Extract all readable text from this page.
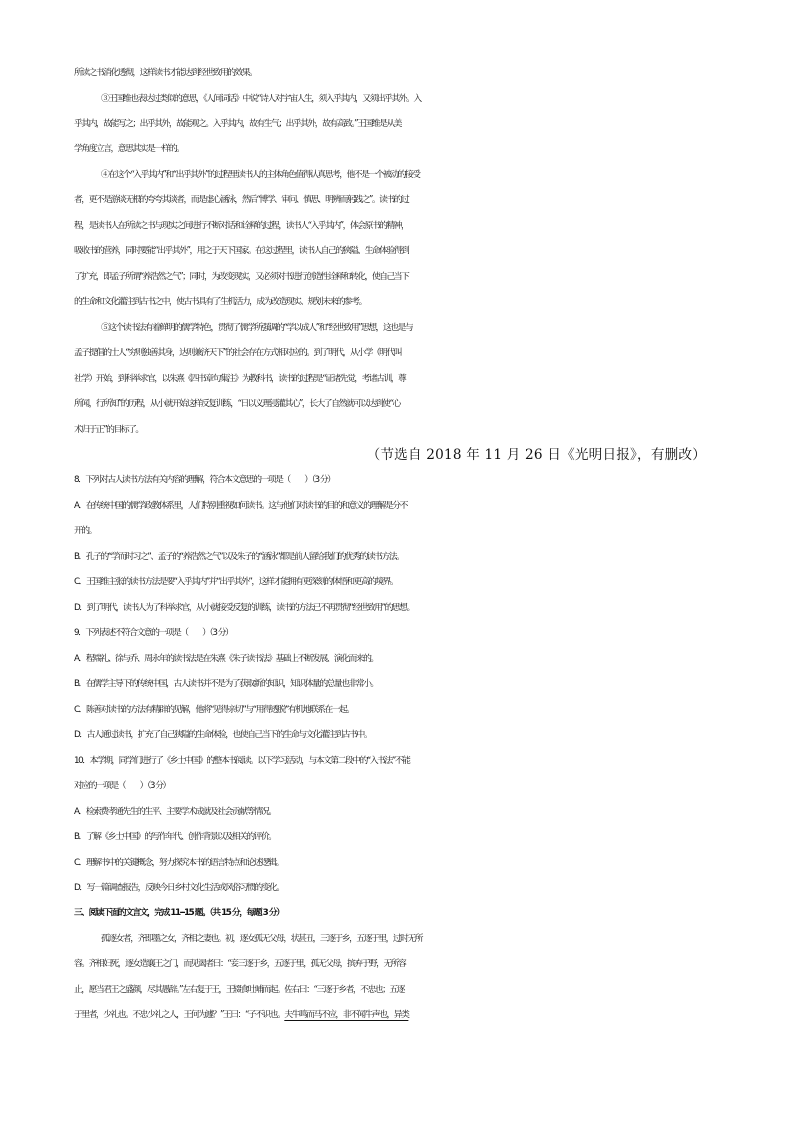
所读之书消化透彻，这样读书才能达到经世致用的效果。
③王国维也表达过类似的意思，《人间词话》中说“诗人对宇宙人生，须入乎其内，又须出乎其外。入
乎其内，故能写之；出乎其外，故能观之。入乎其内，故有生气；出乎其外，故有高致。”王国维是从美
学角度立言，意思其实是一样的。
④在这个“入乎其内”和“出乎其外”的过程里读书人的主体角色值得认真思考，他不是一个被动的接受
者，更不是游谈无根的夸夸其谈者，而是虚心涵泳，然后“博学、审问、慎思、明辨而躬践之”。读书的过
程，是读书人在所读之书与现实之间进行不断对话和诠释的过程，读书人“入乎其内”，体会原书的精神，
吸收书的营养，同时要能“出乎其外”，用之于天下国家。在这过程里，读书人自己的狭隘、生命体验得到
了扩充，即孟子所谓“养浩然之气”；同时，为改变现实，又必须对书进行创造性诠释和转化，使自己当下
的生命和文化灌注到古书之中，使古书具有了生机活力，成为改造现实、规划未来的参考。
⑤这个读书法有着鲜明的儒学特色，贯彻了儒学所强调的“学以成人”和“经世致用”思想，这也是与
孟子提倡的士人“穷则独善其身，达则兼济天下”的社会存在方式相对应的。到了明代，从小学（明代叫
社学）开始，到科举求官，以朱熹《四书章句集注》为教科书，读书的过程是“证诸先觉，考诸古训，尊
所闻，行所知”的历程，从小就开始这样反复训练，“日以义理浸灌其心”，长大了自然就可以达到使“心
术归于正”的目标了。
（节选自 2018 年 11 月 26 日《光明日报》，有删改）
8．下列对古人读书方法有关内容的理解，符合本文意思的一项是（　　）（3 分）
A．在传统中国的儒学政教体系里，人们特别重视如何读书。这与他们对读书的目的和意义的理解是分不
开的。
B．孔子的“学而时习之”、孟子的“养浩然之气”以及朱子的“涵泳”都是前人留给我们的优秀的读书方法。
C．王国维主张的读书方法是要“入乎其内”并“出乎其外”，这样才能拥有更深刻的体悟和更高的境界。
D．到了明代，读书人为了科举求官，从小就接受反复的训练，读书的方法已不再贯彻“经世致用”的思想。
9．下列表述不符合文意的一项是（　　）（3 分）
A．程端礼、徐与乔、周永年的读书法是在朱熹《朱子读书法》基础上不断发展、演化而来的。
B．在儒学主导下的传统中国，古人读书并不是为了获取新的知识，知识体量的总量也非常小。
C．陈善对读书的方法有精辟的见解，他将“见得亲切”与“用得透脱”有机地联系在一起。
D．古人通过读书，扩充了自己狭隘的生命体验，也使自己当下的生命与文化灌注到古书中。
10．本学期，同学们进行了《乡土中国》的整本书阅读。以下学习活动，与本文第二段中的“入书法”不能
对应的一项是（　　）（3 分）
A．检索费孝通先生的生平、主要学术成就及社会贡献等情况。
B．了解《乡土中国》的写作年代、创作背景以及相关的评价。
C．理解书中的关键概念，努力探究本书的语言特点和论述逻辑。
D．写一篇调查报告，反映今日乡村文化生活或风俗习惯的变化。
三、阅读下面的文言文，完成 11--15 题。（共 15 分，每题 3 分）
孤逐女者，齐即墨之女，齐相之妻也。初，逐女孤无父母，状甚丑，三逐于乡，五逐于里，过时无所
容。齐相妇死，逐女造襄王之门，而见谒者曰：“妾三逐于乡，五逐于里，孤无父母，摈弃于野，无所容
止，愿当君王之盛颜，尽其愚辞。”左右复于王，王辍食吐哺而起。佐右曰：“三逐于乡者，不忠也；五逐
于里者，少礼也。不忠少礼之人，王何为遽？”王曰：“子不识也。夫牛鸣而马不应，非不闻牛声也，异类
